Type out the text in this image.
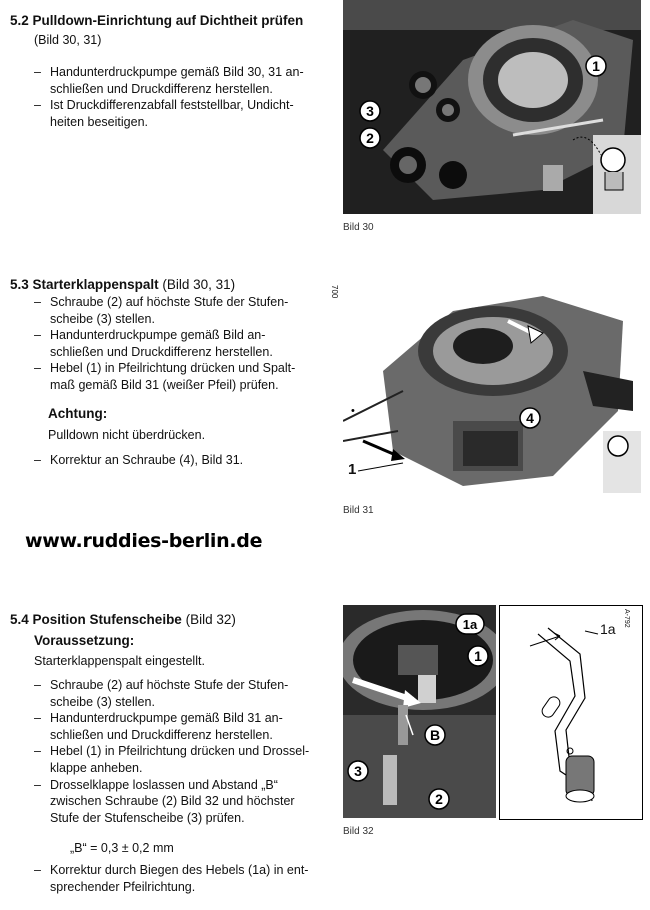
5.2 Pulldown-Einrichtung auf Dichtheit prüfen
(Bild 30, 31)
– Handunterdruckpumpe gemäß Bild 30, 31 an-
schließen und Druckdifferenz herstellen.
– Ist Druckdifferenzabfall feststellbar, Undicht-
heiten beseitigen.
1
2
3
Bild 30
5.3 Starterklappenspalt (Bild 30, 31)
– Schraube (2) auf höchste Stufe der Stufen-
scheibe (3) stellen.
– Handunterdruckpumpe gemäß Bild an-
schließen und Druckdifferenz herstellen.
– Hebel (1) in Pfeilrichtung drücken und Spalt-
maß gemäß Bild 31 (weißer Pfeil) prüfen.
Achtung:
Pulldown nicht überdrücken.
– Korrektur an Schraube (4), Bild 31.
•
700
1
4
Bild 31
www.ruddies-berlin.de
5.4 Position Stufenscheibe (Bild 32)
Voraussetzung:
Starterklappenspalt eingestellt.
– Schraube (2) auf höchste Stufe der Stufen-
scheibe (3) stellen.
– Handunterdruckpumpe gemäß Bild 31 an-
schließen und Druckdifferenz herstellen.
– Hebel (1) in Pfeilrichtung drücken und Drossel-
klappe anheben.
– Drosselklappe loslassen und Abstand „B“
zwischen Schraube (2) Bild 32 und höchster
Stufe der Stufenscheibe (3) prüfen.
„B“ = 0,3 ± 0,2 mm
– Korrektur durch Biegen des Hebels (1a) in ent-
sprechender Pfeilrichtung.
1a
1
B
2
3
1a
A-792
Bild 32
